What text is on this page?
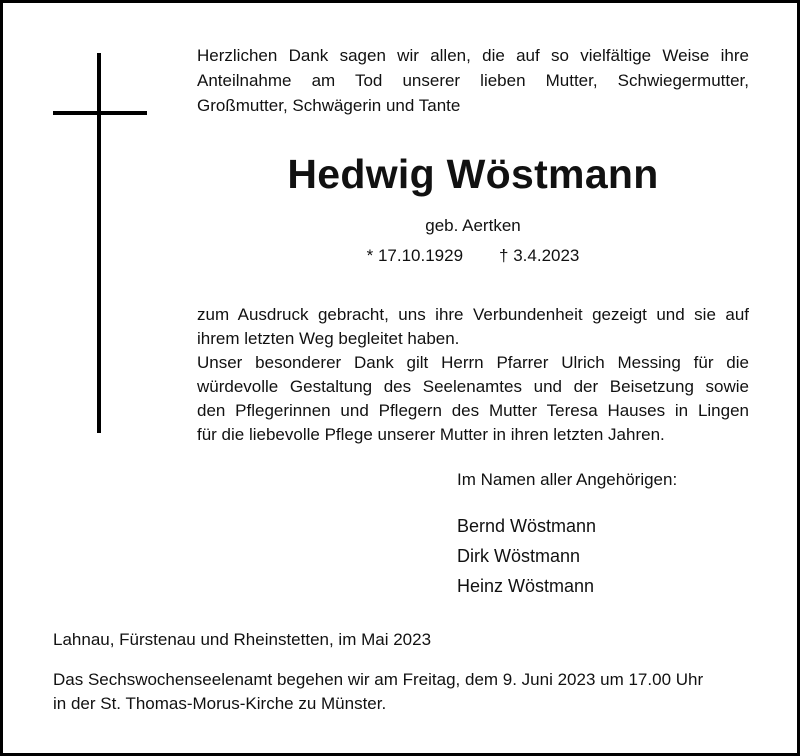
Herzlichen Dank sagen wir allen, die auf so vielfältige Weise ihre

Anteilnahme am Tod unserer lieben Mutter, Schwiegermutter,

Großmutter, Schwägerin und Tante

Hedwig Wöstmann
geb. Aertken
* 17.10.1929 † 3.4.2023

zum Ausdruck gebracht, uns ihre Verbundenheit gezeigt und sie auf

ihrem letzten Weg begleitet haben.

Unser besonderer Dank gilt Herrn Pfarrer Ulrich Messing für die

würdevolle Gestaltung des Seelenamtes und der Beisetzung sowie

den Pflegerinnen und Pflegern des Mutter Teresa Hauses in Lingen

für die liebevolle Pflege unserer Mutter in ihren letzten Jahren.

Im Namen aller Angehörigen:
Bernd Wöstmann
Dirk Wöstmann
Heinz Wöstmann
Lahnau, Fürstenau und Rheinstetten, im Mai 2023

Das Sechswochenseelenamt begehen wir am Freitag, dem 9. Juni 2023 um 17.00 Uhr

in der St. Thomas-Morus-Kirche zu Münster.
